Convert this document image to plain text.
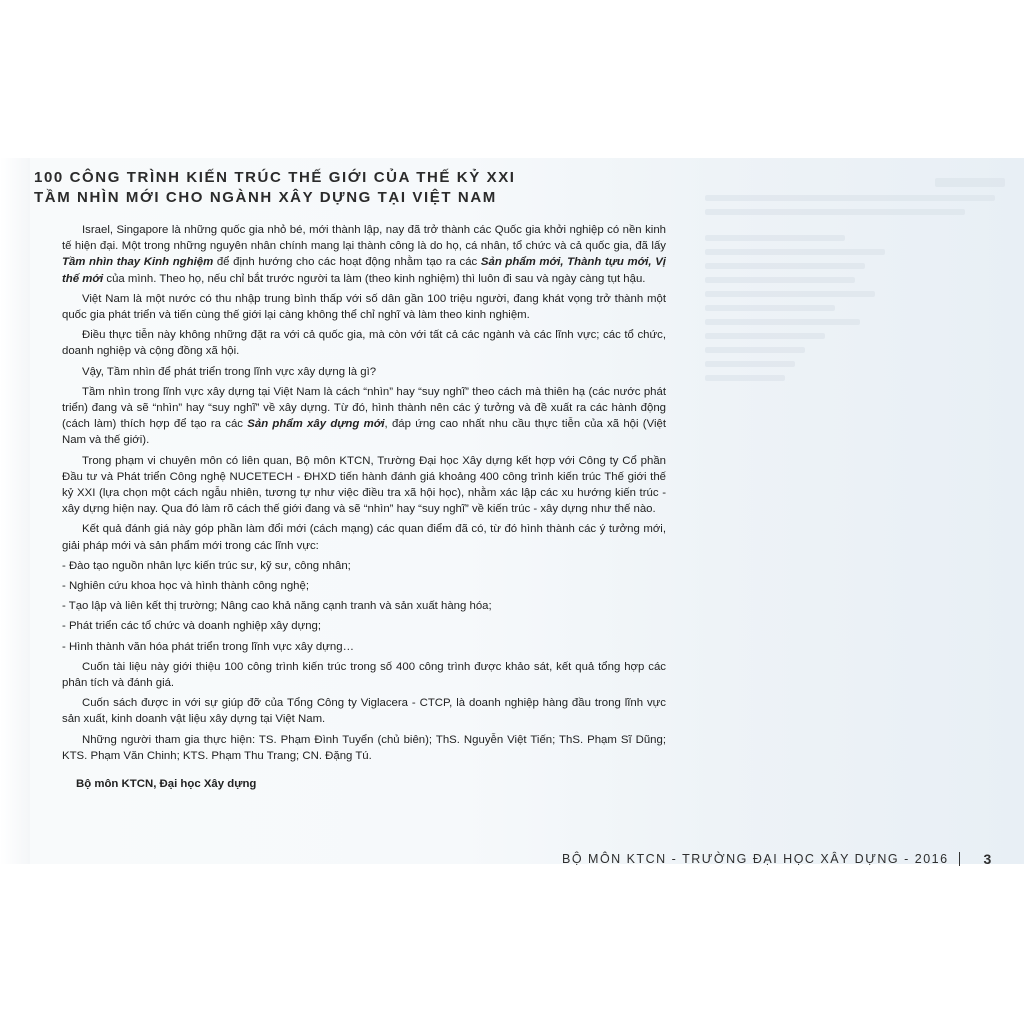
100 CÔNG TRÌNH KIẾN TRÚC THẾ GIỚI CỦA THẾ KỶ XXI
TẦM NHÌN MỚI CHO NGÀNH XÂY DỰNG TẠI VIỆT NAM

Israel, Singapore là những quốc gia nhỏ bé, mới thành lập, nay đã trở thành các Quốc gia khởi nghiệp có nền kinh tế hiện đại. Một trong những nguyên nhân chính mang lại thành công là do họ, cá nhân, tổ chức và cả quốc gia, đã lấy Tầm nhìn thay Kinh nghiệm để định hướng cho các hoạt động nhằm tạo ra các Sản phẩm mới, Thành tựu mới, Vị thế mới của mình. Theo họ, nếu chỉ bắt trước người ta làm (theo kinh nghiệm) thì luôn đi sau và ngày càng tụt hậu.

Việt Nam là một nước có thu nhập trung bình thấp với số dân gần 100 triệu người, đang khát vọng trở thành một quốc gia phát triển và tiến cùng thế giới lại càng không thể chỉ nghĩ và làm theo kinh nghiệm.

Điều thực tiễn này không những đặt ra với cả quốc gia, mà còn với tất cả các ngành và các lĩnh vực; các tổ chức, doanh nghiệp và cộng đồng xã hội.

Vậy, Tầm nhìn để phát triển trong lĩnh vực xây dựng là gì?

Tầm nhìn trong lĩnh vực xây dựng tại Việt Nam là cách “nhìn” hay “suy nghĩ” theo cách mà thiên hạ (các nước phát triển) đang và sẽ “nhìn” hay “suy nghĩ” về xây dựng. Từ đó, hình thành nên các ý tưởng và đề xuất ra các hành động (cách làm) thích hợp để tạo ra các Sản phẩm xây dựng mới, đáp ứng cao nhất nhu cầu thực tiễn của xã hội (Việt Nam và thế giới).

Trong phạm vi chuyên môn có liên quan, Bộ môn KTCN, Trường Đại học Xây dựng kết hợp với Công ty Cổ phần Đầu tư và Phát triển Công nghệ NUCETECH - ĐHXD tiến hành đánh giá khoảng 400 công trình kiến trúc Thế giới thế kỷ XXI (lựa chọn một cách ngẫu nhiên, tương tự như việc điều tra xã hội học), nhằm xác lập các xu hướng kiến trúc - xây dựng hiện nay. Qua đó làm rõ cách thế giới đang và sẽ “nhìn” hay “suy nghĩ” về kiến trúc - xây dựng như thế nào.

Kết quả đánh giá này góp phần làm đổi mới (cách mạng) các quan điểm đã có, từ đó hình thành các ý tưởng mới, giải pháp mới và sản phẩm mới trong các lĩnh vực:

- Đào tạo nguồn nhân lực kiến trúc sư, kỹ sư, công nhân;

- Nghiên cứu khoa học và hình thành công nghệ;

- Tạo lập và liên kết thị trường; Nâng cao khả năng cạnh tranh và sản xuất hàng hóa;

- Phát triển các tổ chức và doanh nghiệp xây dựng;

- Hình thành văn hóa phát triển trong lĩnh vực xây dựng…

Cuốn tài liệu này giới thiệu 100 công trình kiến trúc trong số 400 công trình được khảo sát, kết quả tổng hợp các phân tích và đánh giá.

Cuốn sách được in với sự giúp đỡ của Tổng Công ty Viglacera - CTCP, là doanh nghiệp hàng đầu trong lĩnh vực sản xuất, kinh doanh vật liệu xây dựng tại Việt Nam.

Những người tham gia thực hiện: TS. Phạm Đình Tuyển (chủ biên); ThS. Nguyễn Việt Tiến; ThS. Phạm Sĩ Dũng; KTS. Phạm Văn Chinh; KTS. Phạm Thu Trang; CN. Đặng Tú.

Bộ môn KTCN, Đại học Xây dựng
BỘ MÔN KTCN - TRƯỜNG ĐẠI HỌC XÂY DỰNG - 2016	3
